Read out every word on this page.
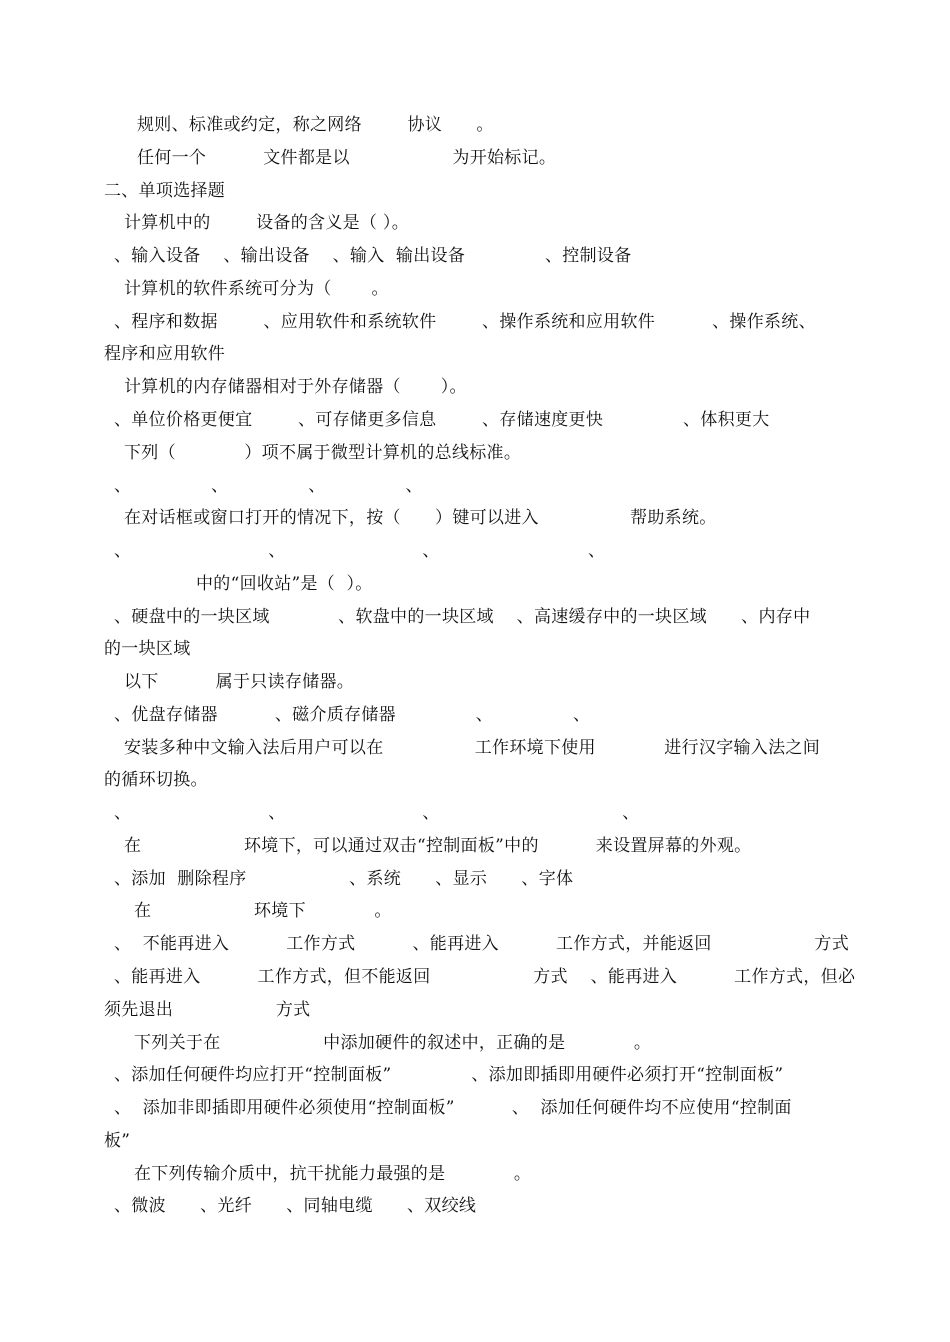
规则、标准或约定，称之网络        协议      。
任何一个          文件都是以                  为开始标记。
二、单项选择题
计算机中的        设备的含义是（ ）。
、输入设备    、输出设备    、输入  输出设备              、控制设备
计算机的软件系统可分为（       。
、程序和数据        、应用软件和系统软件        、操作系统和应用软件          、操作系统、
程序和应用软件
计算机的内存储器相对于外存储器（       ）。
、单位价格更便宜        、可存储更多信息        、存储速度更快              、体积更大
下列（            ）项不属于微型计算机的总线标准。
、              、              、              、
在对话框或窗口打开的情况下，按（      ）键可以进入                帮助系统。
、                        、                        、                          、
中的“回收站”是（  ）。
、硬盘中的一块区域            、软盘中的一块区域    、高速缓存中的一块区域      、内存中
的一块区域
以下          属于只读存储器。
、优盘存储器          、磁介质存储器              、              、
安装多种中文输入法后用户可以在                工作环境下使用            进行汉字输入法之间
的循环切换。
、                        、                        、                                、
在                  环境下，可以通过双击“控制面板”中的          来设置屏幕的外观。
、添加  删除程序                  、系统      、显示      、字体
在                  环境下            。
、  不能再进入          工作方式          、能再进入          工作方式，并能返回                  方式
、能再进入          工作方式，但不能返回                  方式    、能再进入          工作方式，但必
须先退出                  方式
下列关于在                  中添加硬件的叙述中，正确的是            。
、添加任何硬件均应打开“控制面板”              、添加即插即用硬件必须打开“控制面板”
、  添加非即插即用硬件必须使用“控制面板”          、  添加任何硬件均不应使用“控制面
板”
在下列传输介质中，抗干扰能力最强的是            。
、微波      、光纤      、同轴电缆      、双绞线
